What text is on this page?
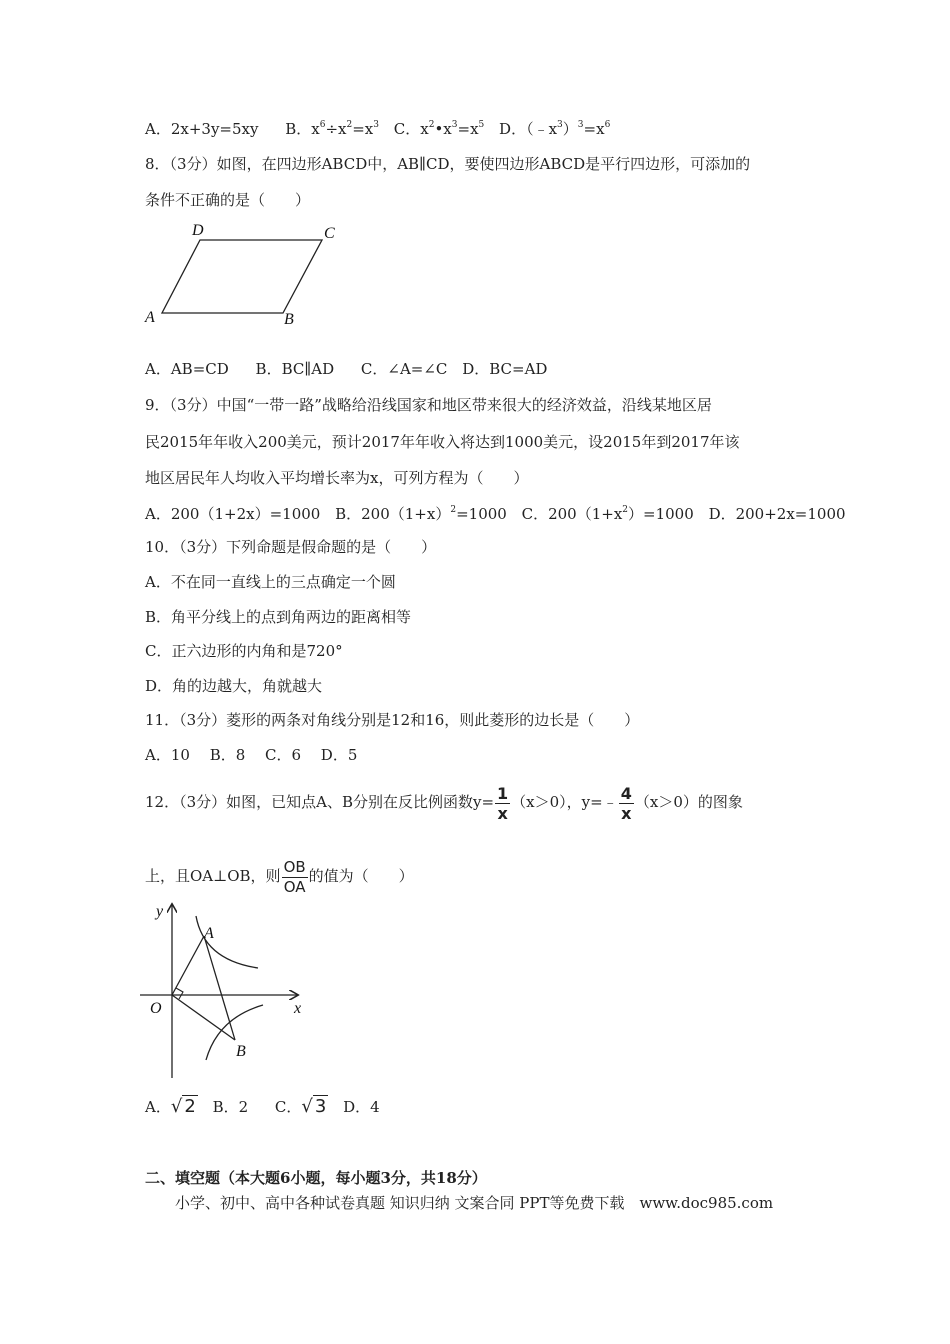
A．2x+3y=5xy B．$x^6\div x^2=x^3$ C．$x^2•x^3=x^5$ D．$(﹣x^3)^3=x^6$
8．（3分）如图，在四边形ABCD中，AB∥CD，要使四边形ABCD是平行四边形，可添加的
条件不正确的是（　　）
D	C
A	B
A．AB=CD B．BC∥AD C．∠A=∠C D．BC=AD
9．（3分）中国“一带一路”战略给沿线国家和地区带来很大的经济效益，沿线某地区居
民2015年年收入200美元，预计2017年年收入将达到1000美元，设2015年到2017年该
地区居民年人均收入平均增长率为x，可列方程为（　　）
A．200（1+2x）=1000 B．$200(1+x)^2=1000$ C．$200(1+x^2)=1000$ D．200+2x=1000
10．（3分）下列命题是假命题的是（　　）
A．不在同一直线上的三点确定一个圆
B．角平分线上的点到角两边的距离相等
C．正六边形的内角和是720°
D．角的边越大，角就越大
11．（3分）菱形的两条对角线分别是12和16，则此菱形的边长是（　　）
A．10　 B．8　 C．6　 D．5
12．（3分）如图，已知点A、B分别在反比例函数$y= \frac{1}{x} (x>0)$，y=﹣ $\frac{4}{x} (x>0)$的图象
上，且OA⊥OB，则 $\frac{OB}{OA}$ 的值为（　　）
y
x
O
A
B
A．√ 2 B．2 C．√ 3 D．4
二、填空题（本大题6小题，每小题3分，共18分）
小学、初中、高中各种试卷真题 知识归纳 文案合同 PPT等免费下载　www.doc985.com
